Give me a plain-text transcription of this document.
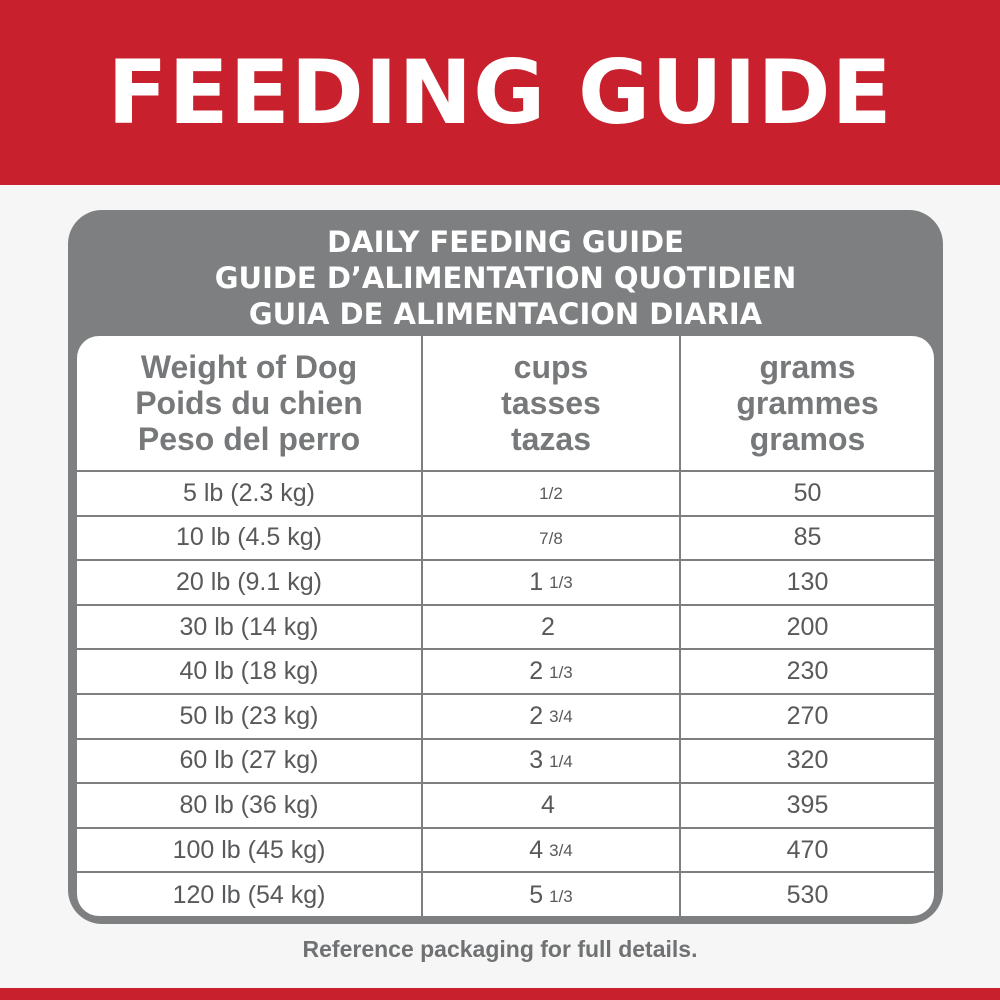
FEEDING GUIDE
DAILY FEEDING GUIDE
GUIDE D’ALIMENTATION QUOTIDIEN
GUIA DE ALIMENTACION DIARIA
Weight of Dog
Poids du chien
Peso del perro
cups
tasses
tazas
grams
grammes
gramos
5 lb (2.3 kg)	1/2	50
10 lb (4.5 kg)	7/8	85
20 lb (9.1 kg)	1 1/3	130
30 lb (14 kg)	2	200
40 lb (18 kg)	2 1/3	230
50 lb (23 kg)	2 3/4	270
60 lb (27 kg)	3 1/4	320
80 lb (36 kg)	4	395
100 lb (45 kg)	4 3/4	470
120 lb (54 kg)	5 1/3	530
Reference packaging for full details.
